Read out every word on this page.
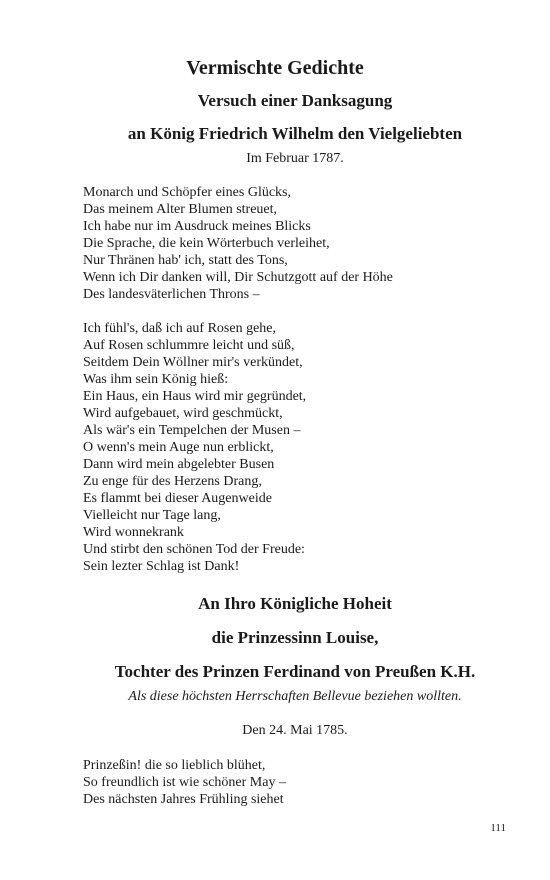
Vermischte Gedichte
Versuch einer Danksagung
an König Friedrich Wilhelm den Vielgeliebten

Im Februar 1787.

Monarch und Schöpfer eines Glücks,
Das meinem Alter Blumen streuet,
Ich habe nur im Ausdruck meines Blicks
Die Sprache, die kein Wörterbuch verleihet,
Nur Thränen hab' ich, statt des Tons,
Wenn ich Dir danken will, Dir Schutzgott auf der Höhe
Des landesväterlichen Throns –
Ich fühl's, daß ich auf Rosen gehe,
Auf Rosen schlummre leicht und süß,
Seitdem Dein Wöllner mir's verkündet,
Was ihm sein König hieß:
Ein Haus, ein Haus wird mir gegründet,
Wird aufgebauet, wird geschmückt,
Als wär's ein Tempelchen der Musen –
O wenn's mein Auge nun erblickt,
Dann wird mein abgelebter Busen
Zu enge für des Herzens Drang,
Es flammt bei dieser Augenweide
Vielleicht nur Tage lang,
Wird wonnekrank
Und stirbt den schönen Tod der Freude:
Sein lezter Schlag ist Dank!
An Ihro Königliche Hoheit
die Prinzessinn Louise,
Tochter des Prinzen Ferdinand von Preußen K.H.

Als diese höchsten Herrschaften Bellevue beziehen wollten.

Den 24. Mai 1785.

Prinzeßin! die so lieblich blühet,
So freundlich ist wie schöner May –
Des nächsten Jahres Frühling siehet

111
